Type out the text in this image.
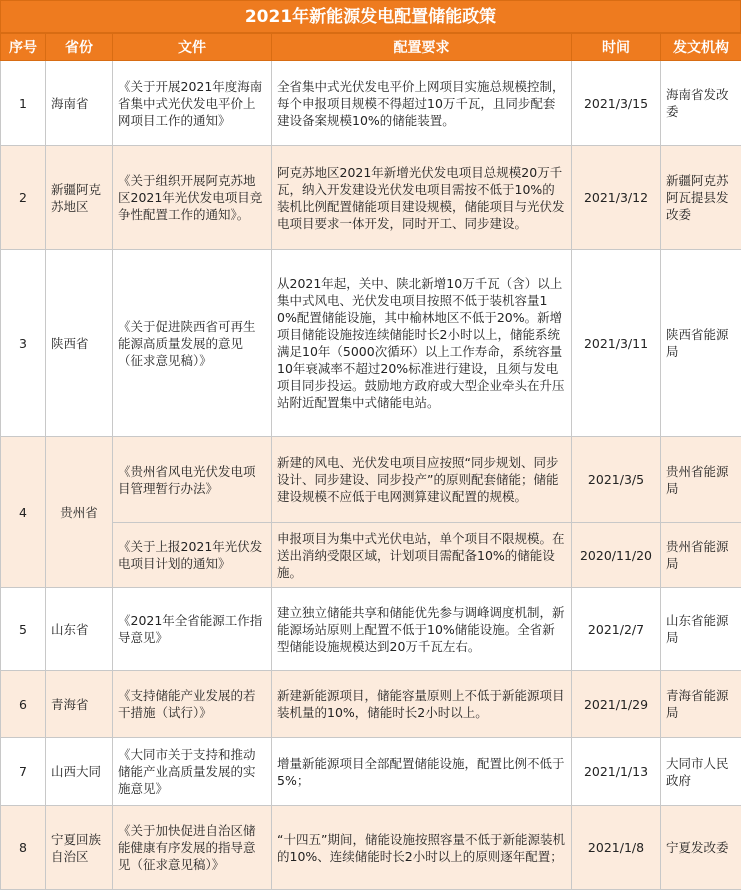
2021年新能源发电配置储能政策
序号	省份	文件	配置要求	时间	发文机构
1	海南省	《关于开展2021年度海南省集中式光伏发电平价上网项目工作的通知》	全省集中式光伏发电平价上网项目实施总规模控制，每个申报项目规模不得超过10万千瓦，且同步配套建设备案规模10%的储能装置。	2021/3/15	海南省发改委
2	新疆阿克苏地区	《关于组织开展阿克苏地区2021年光伏发电项目竞争性配置工作的通知》。	阿克苏地区2021年新增光伏发电项目总规模20万千瓦，纳入开发建设光伏发电项目需按不低于10%的装机比例配置储能项目建设规模，储能项目与光伏发电项目要求一体开发，同时开工、同步建设。	2021/3/12	新疆阿克苏阿瓦提县发改委
3	陕西省	《关于促进陕西省可再生能源高质量发展的意见（征求意见稿）》	从2021年起，关中、陕北新增10万千瓦（含）以上集中式风电、光伏发电项目按照不低于装机容量10%配置储能设施，其中榆林地区不低于20%。新增项目储能设施按连续储能时长2小时以上，储能系统满足10年（5000次循环）以上工作寿命，系统容量10年衰减率不超过20%标准进行建设，且须与发电项目同步投运。鼓励地方政府或大型企业牵头在升压站附近配置集中式储能电站。	2021/3/11	陕西省能源局
4	贵州省	《贵州省风电光伏发电项目管理暂行办法》	新建的风电、光伏发电项目应按照“同步规划、同步设计、同步建设、同步投产”的原则配套储能；储能建设规模不应低于电网测算建议配置的规模。	2021/3/5	贵州省能源局
		《关于上报2021年光伏发电项目计划的通知》	申报项目为集中式光伏电站，单个项目不限规模。在送出消纳受限区域，计划项目需配备10%的储能设施。	2020/11/20	贵州省能源局
5	山东省	《2021年全省能源工作指导意见》	建立独立储能共享和储能优先参与调峰调度机制，新能源场站原则上配置不低于10%储能设施。全省新型储能设施规模达到20万千瓦左右。	2021/2/7	山东省能源局
6	青海省	《支持储能产业发展的若干措施（试行）》	新建新能源项目，储能容量原则上不低于新能源项目装机量的10%，储能时长2小时以上。	2021/1/29	青海省能源局
7	山西大同	《大同市关于支持和推动储能产业高质量发展的实施意见》	增量新能源项目全部配置储能设施，配置比例不低于5%；	2021/1/13	大同市人民政府
8	宁夏回族自治区	《关于加快促进自治区储能健康有序发展的指导意见（征求意见稿）》	“十四五”期间，储能设施按照容量不低于新能源装机的10%、连续储能时长2小时以上的原则逐年配置；	2021/1/8	宁夏发改委
